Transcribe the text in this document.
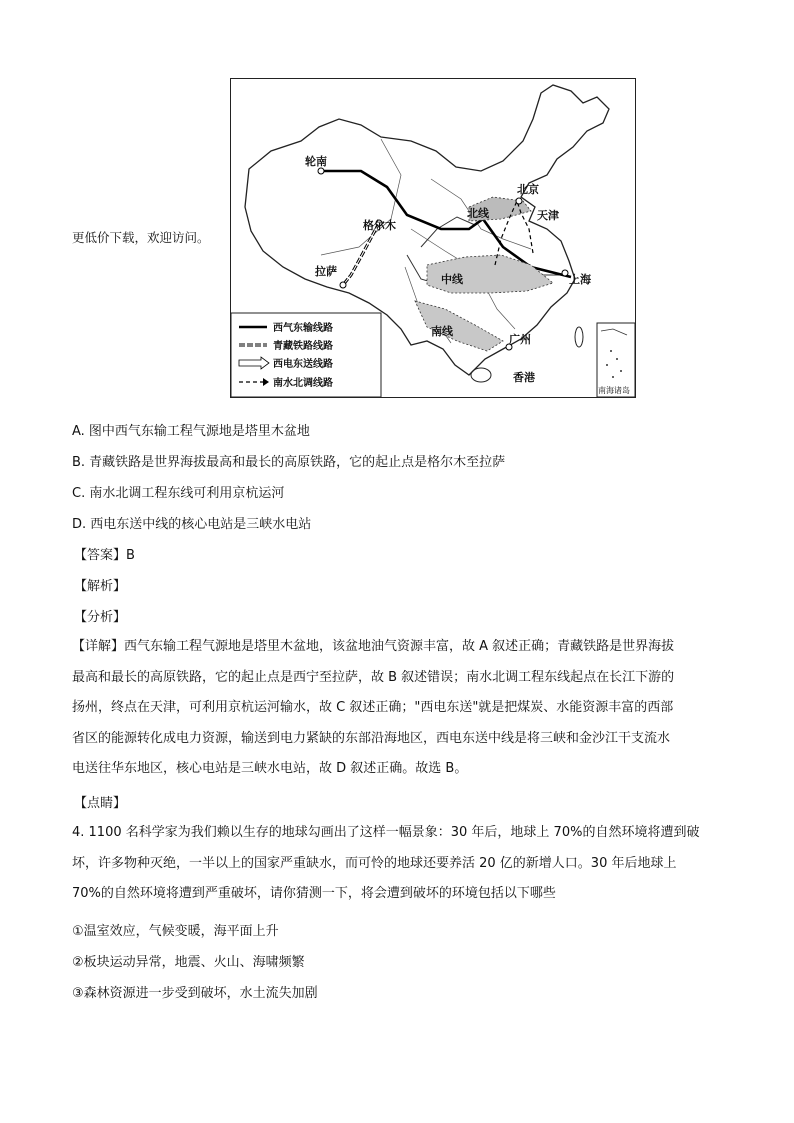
更低价下载，欢迎访问。
轮南
北京
天津
格尔木
拉萨
上海
广州
香港
北线
中线
南线
南海诸岛
西气东输线路
青藏铁路线路
西电东送线路
南水北调线路
A. 图中西气东输工程气源地是塔里木盆地
B. 青藏铁路是世界海拔最高和最长的高原铁路，它的起止点是格尔木至拉萨
C. 南水北调工程东线可利用京杭运河
D. 西电东送中线的核心电站是三峡水电站
【答案】B
【解析】
【分析】
【详解】西气东输工程气源地是塔里木盆地，该盆地油气资源丰富，故 A 叙述正确；青藏铁路是世界海拔
最高和最长的高原铁路，它的起止点是西宁至拉萨，故 B 叙述错误；南水北调工程东线起点在长江下游的
扬州，终点在天津，可利用京杭运河输水，故 C 叙述正确；"西电东送"就是把煤炭、水能资源丰富的西部
省区的能源转化成电力资源，输送到电力紧缺的东部沿海地区，西电东送中线是将三峡和金沙江干支流水
电送往华东地区，核心电站是三峡水电站，故 D 叙述正确。故选 B。
【点睛】
4. 1100 名科学家为我们赖以生存的地球勾画出了这样一幅景象：30 年后，地球上 70%的自然环境将遭到破
坏，许多物种灭绝，一半以上的国家严重缺水，而可怜的地球还要养活 20 亿的新增人口。30 年后地球上
70%的自然环境将遭到严重破坏，请你猜测一下，将会遭到破坏的环境包括以下哪些
①温室效应，气候变暖，海平面上升
②板块运动异常，地震、火山、海啸频繁
③森林资源进一步受到破坏，水土流失加剧
